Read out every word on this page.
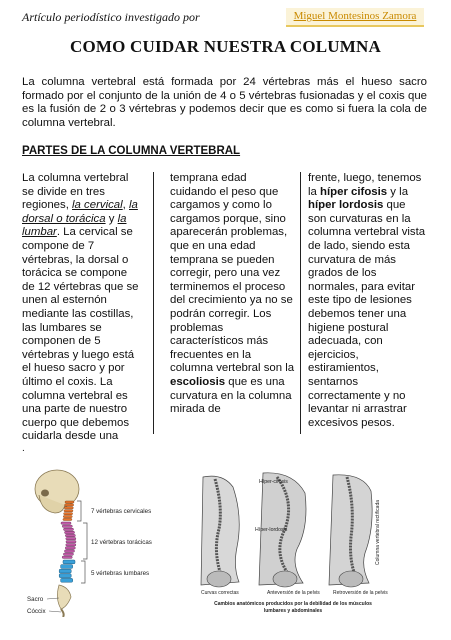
Artículo periodístico investigado por	Miguel Montesinos Zamora
COMO CUIDAR NUESTRA COLUMNA
La columna vertebral está formada por 24 vértebras más el hueso sacro formado por el conjunto de la unión de 4 o 5 vértebras fusionadas y el coxis que es la fusión de 2 o 3 vértebras y podemos decir que es como si fuera la cola de columna vertebral.
PARTES DE LA COLUMNA VERTEBRAL
La columna vertebral se divide en tres regiones, la cervical, la dorsal o torácica y la lumbar. La cervical se compone de 7 vértebras, la dorsal o torácica se compone de 12 vértebras que se unen al esternón mediante las costillas, las lumbares se componen de 5 vértebras y luego está el hueso sacro y por último el coxis. La columna vertebral es una parte de nuestro cuerpo que debemos cuidarla desde una
temprana edad cuidando el peso que cargamos y como lo cargamos porque, sino aparecerán problemas, que en una edad temprana se pueden corregir, pero una vez terminemos el proceso del crecimiento ya no se podrán corregir. Los problemas característicos más frecuentes en la columna vertebral son la escoliosis que es una curvatura en la columna mirada de
frente, luego, tenemos la híper cifosis y la híper lordosis que son curvaturas en la columna vertebral vista de lado, siendo esta curvatura de más grados de los normales, para evitar este tipo de lesiones debemos tener una higiene postural adecuada, con ejercicios, estiramientos, sentarnos correctamente y no levantar ni arrastrar excesivos pesos.
.
7 vértebras cervicales
12 vértebras torácicas
5 vértebras lumbares
Sacro
Cóccix
Híper-cifosis
Híper-lordosis	Columna vertebral rectificada
Curvas correctas	Anteversión de la pelvis	Retroversión de la pelvis
Cambios anatómicos producidos por la debilidad de los músculos
lumbares y abdominales
